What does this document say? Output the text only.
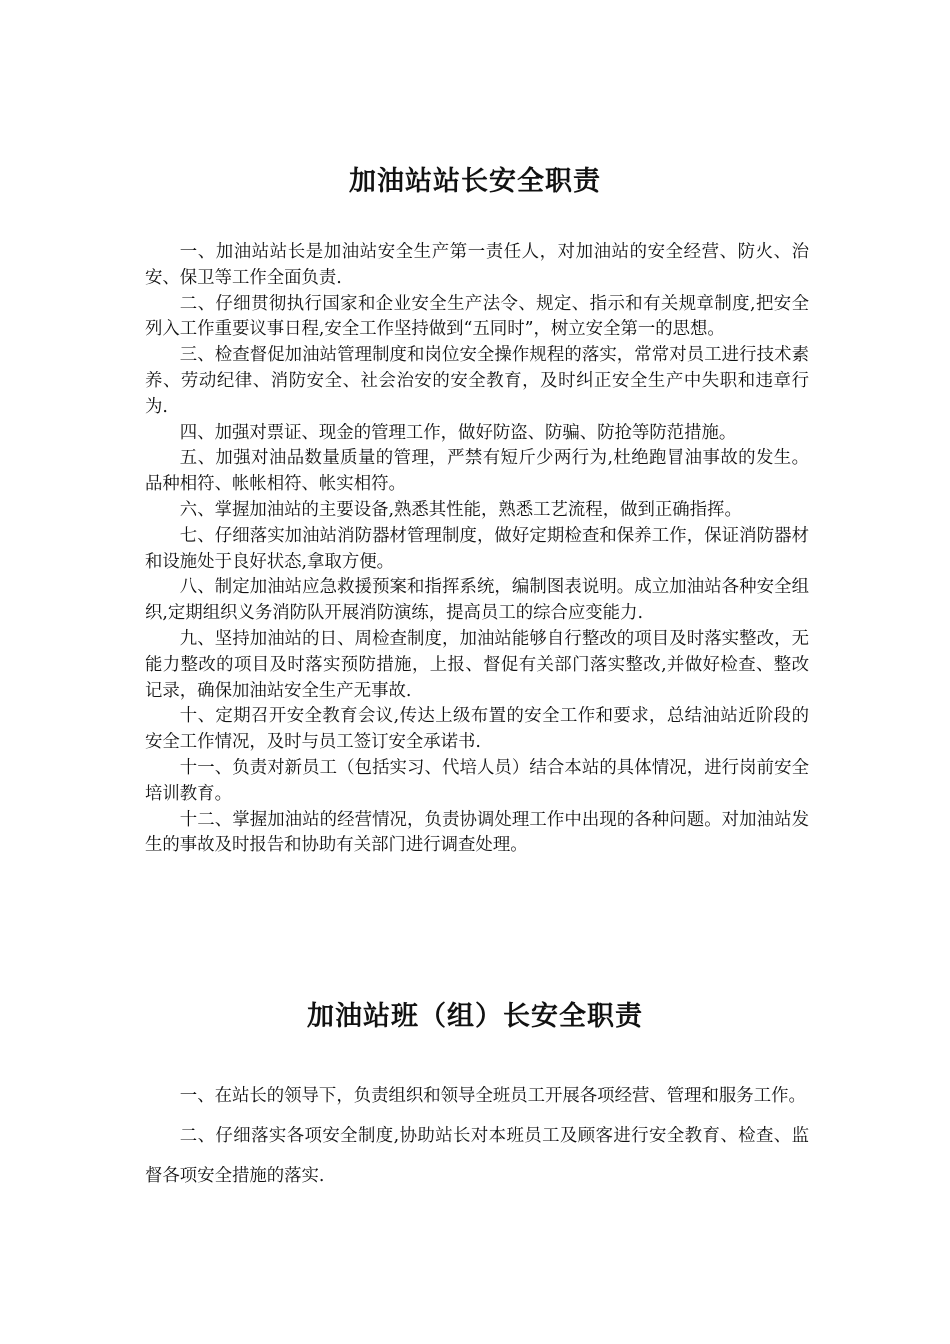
加油站站长安全职责

一、加油站站长是加油站安全生产第一责任人，对加油站的安全经营、防火、治安、保卫等工作全面负责.

二、仔细贯彻执行国家和企业安全生产法令、规定、指示和有关规章制度,把安全列入工作重要议事日程,安全工作坚持做到“五同时”，树立安全第一的思想。

三、检查督促加油站管理制度和岗位安全操作规程的落实，常常对员工进行技术素养、劳动纪律、消防安全、社会治安的安全教育，及时纠正安全生产中失职和违章行为.

四、加强对票证、现金的管理工作，做好防盗、防骗、防抢等防范措施。

五、加强对油品数量质量的管理，严禁有短斤少两行为,杜绝跑冒油事故的发生。品种相符、帐帐相符、帐实相符。

六、掌握加油站的主要设备,熟悉其性能，熟悉工艺流程，做到正确指挥。

七、仔细落实加油站消防器材管理制度，做好定期检查和保养工作，保证消防器材和设施处于良好状态,拿取方便。

八、制定加油站应急救援预案和指挥系统，编制图表说明。成立加油站各种安全组织,定期组织义务消防队开展消防演练，提高员工的综合应变能力.

九、坚持加油站的日、周检查制度，加油站能够自行整改的项目及时落实整改，无能力整改的项目及时落实预防措施，上报、督促有关部门落实整改,并做好检查、整改记录，确保加油站安全生产无事故.

十、定期召开安全教育会议,传达上级布置的安全工作和要求，总结油站近阶段的安全工作情况，及时与员工签订安全承诺书.

十一、负责对新员工（包括实习、代培人员）结合本站的具体情况，进行岗前安全培训教育。

十二、掌握加油站的经营情况，负责协调处理工作中出现的各种问题。对加油站发生的事故及时报告和协助有关部门进行调查处理。

加油站班（组）长安全职责

一、在站长的领导下，负责组织和领导全班员工开展各项经营、管理和服务工作。

二、仔细落实各项安全制度,协助站长对本班员工及顾客进行安全教育、检查、监督各项安全措施的落实.
